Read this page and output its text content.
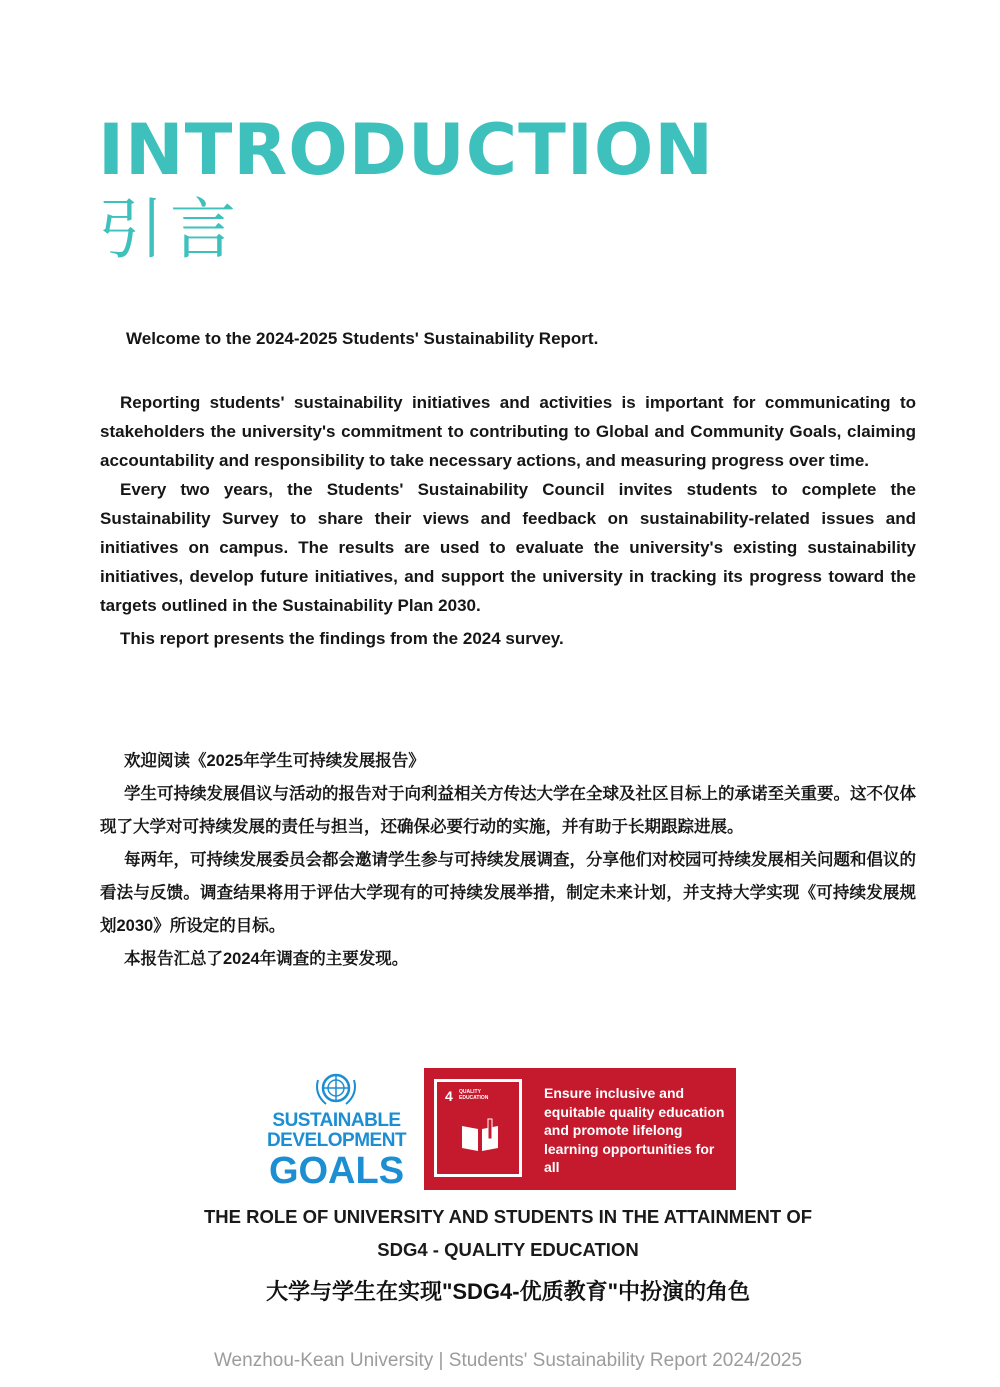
INTRODUCTION
引言

Welcome to the 2024-2025 Students' Sustainability Report.

Reporting students' sustainability initiatives and activities is important for communicating to stakeholders the university's commitment to contributing to Global and Community Goals, claiming accountability and responsibility to take necessary actions, and measuring progress over time.

Every two years, the Students' Sustainability Council invites students to complete the Sustainability Survey to share their views and feedback on sustainability-related issues and initiatives on campus. The results are used to evaluate the university's existing sustainability initiatives, develop future initiatives, and support the university in tracking its progress toward the targets outlined in the Sustainability Plan 2030.

This report presents the findings from the 2024 survey.

欢迎阅读《2025年学生可持续发展报告》

学生可持续发展倡议与活动的报告对于向利益相关方传达大学在全球及社区目标上的承诺至关重要。这不仅体现了大学对可持续发展的责任与担当，还确保必要行动的实施，并有助于长期跟踪进展。

每两年，可持续发展委员会都会邀请学生参与可持续发展调查，分享他们对校园可持续发展相关问题和倡议的看法与反馈。调查结果将用于评估大学现有的可持续发展举措，制定未来计划，并支持大学实现《可持续发展规划2030》所设定的目标。

本报告汇总了2024年调查的主要发现。

SUSTAINABLE
DEVELOPMENT
GOALS
4 QUALITY EDUCATION	Ensure inclusive and equitable quality education and promote lifelong learning opportunities for all
THE ROLE OF UNIVERSITY AND STUDENTS IN THE ATTAINMENT OF
SDG4 - QUALITY EDUCATION
大学与学生在实现"SDG4-优质教育"中扮演的角色
Wenzhou-Kean University | Students' Sustainability Report 2024/2025
